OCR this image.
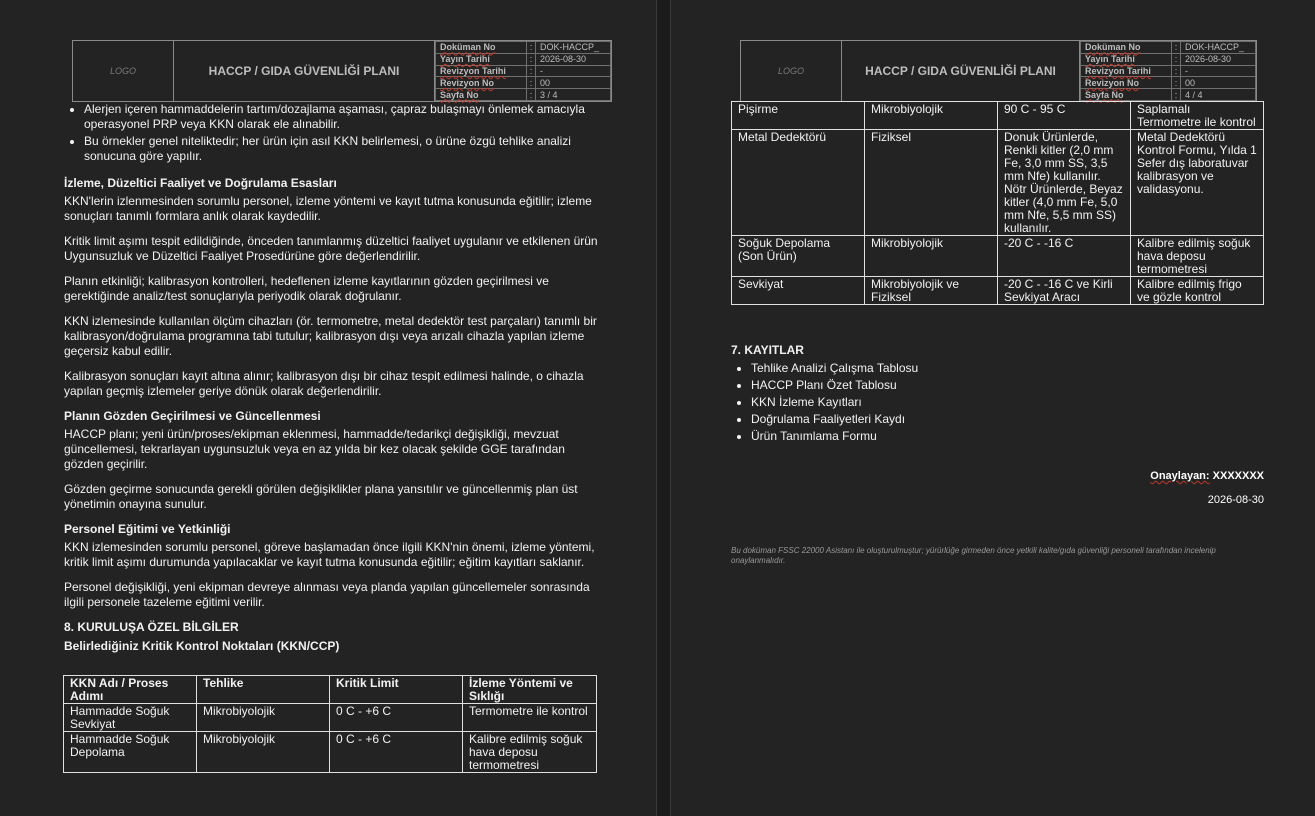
LOGO	HACCP / GIDA GÜVENLİĞİ PLANI
Doküman No	:	DOK-HACCP_
Yayın Tarihi	:	2026-08-30
Revizyon Tarihi	:	-
Revizyon No	:	00
Sayfa No	:	3 / 4
• Alerjen içeren hammaddelerin tartım/dozajlama aşaması, çapraz bulaşmayı önlemek amacıyla operasyonel PRP veya KKN olarak ele alınabilir.
• Bu örnekler genel niteliktedir; her ürün için asıl KKN belirlemesi, o ürüne özgü tehlike analizi sonucuna göre yapılır.
İzleme, Düzeltici Faaliyet ve Doğrulama Esasları

KKN'lerin izlenmesinden sorumlu personel, izleme yöntemi ve kayıt tutma konusunda eğitilir; izleme sonuçları tanımlı formlara anlık olarak kaydedilir.

Kritik limit aşımı tespit edildiğinde, önceden tanımlanmış düzeltici faaliyet uygulanır ve etkilenen ürün Uygunsuzluk ve Düzeltici Faaliyet Prosedürüne göre değerlendirilir.

Planın etkinliği; kalibrasyon kontrolleri, hedeflenen izleme kayıtlarının gözden geçirilmesi ve gerektiğinde analiz/test sonuçlarıyla periyodik olarak doğrulanır.

KKN izlemesinde kullanılan ölçüm cihazları (ör. termometre, metal dedektör test parçaları) tanımlı bir kalibrasyon/doğrulama programına tabi tutulur; kalibrasyon dışı veya arızalı cihazla yapılan izleme geçersiz kabul edilir.

Kalibrasyon sonuçları kayıt altına alınır; kalibrasyon dışı bir cihaz tespit edilmesi halinde, o cihazla yapılan geçmiş izlemeler geriye dönük olarak değerlendirilir.

Planın Gözden Geçirilmesi ve Güncellenmesi

HACCP planı; yeni ürün/proses/ekipman eklenmesi, hammadde/tedarikçi değişikliği, mevzuat güncellemesi, tekrarlayan uygunsuzluk veya en az yılda bir kez olacak şekilde GGE tarafından gözden geçirilir.

Gözden geçirme sonucunda gerekli görülen değişiklikler plana yansıtılır ve güncellenmiş plan üst yönetimin onayına sunulur.

Personel Eğitimi ve Yetkinliği

KKN izlemesinden sorumlu personel, göreve başlamadan önce ilgili KKN'nin önemi, izleme yöntemi, kritik limit aşımı durumunda yapılacaklar ve kayıt tutma konusunda eğitilir; eğitim kayıtları saklanır.

Personel değişikliği, yeni ekipman devreye alınması veya planda yapılan güncellemeler sonrasında ilgili personele tazeleme eğitimi verilir.

8. KURULUŞA ÖZEL BİLGİLER
Belirlediğiniz Kritik Kontrol Noktaları (KKN/CCP)
KKN Adı / Proses Adımı	Tehlike	Kritik Limit	İzleme Yöntemi ve Sıklığı
Hammadde Soğuk Sevkiyat	Mikrobiyolojik	0 C - +6 C	Termometre ile kontrol
Hammadde Soğuk Depolama	Mikrobiyolojik	0 C - +6 C	Kalibre edilmiş soğuk hava deposu termometresi
LOGO	HACCP / GIDA GÜVENLİĞİ PLANI
Doküman No	:	DOK-HACCP_
Yayın Tarihi	:	2026-08-30
Revizyon Tarihi	:	-
Revizyon No	:	00
Sayfa No	:	4 / 4
Pişirme	Mikrobiyolojik	90 C - 95 C	Saplamalı Termometre ile kontrol
Metal Dedektörü	Fiziksel	Donuk Ürünlerde, Renkli kitler (2,0 mm Fe, 3,0 mm SS, 3,5 mm Nfe) kullanılır. Nötr Ürünlerde, Beyaz kitler (4,0 mm Fe, 5,0 mm Nfe, 5,5 mm SS) kullanılır.	Metal Dedektörü Kontrol Formu, Yılda 1 Sefer dış laboratuvar kalibrasyon ve validasyonu.
Soğuk Depolama (Son Ürün)	Mikrobiyolojik	-20 C - -16 C	Kalibre edilmiş soğuk hava deposu termometresi
Sevkiyat	Mikrobiyolojik ve Fiziksel	-20 C - -16 C ve Kirli Sevkiyat Aracı	Kalibre edilmiş frigo ve gözle kontrol
7. KAYITLAR
• Tehlike Analizi Çalışma Tablosu
• HACCP Planı Özet Tablosu
• KKN İzleme Kayıtları
• Doğrulama Faaliyetleri Kaydı
• Ürün Tanımlama Formu
Onaylayan: XXXXXXX
2026-08-30
Bu doküman FSSC 22000 Asistanı ile oluşturulmuştur; yürürlüğe girmeden önce yetkili kalite/gıda güvenliği personeli tarafından incelenip onaylanmalıdır.
